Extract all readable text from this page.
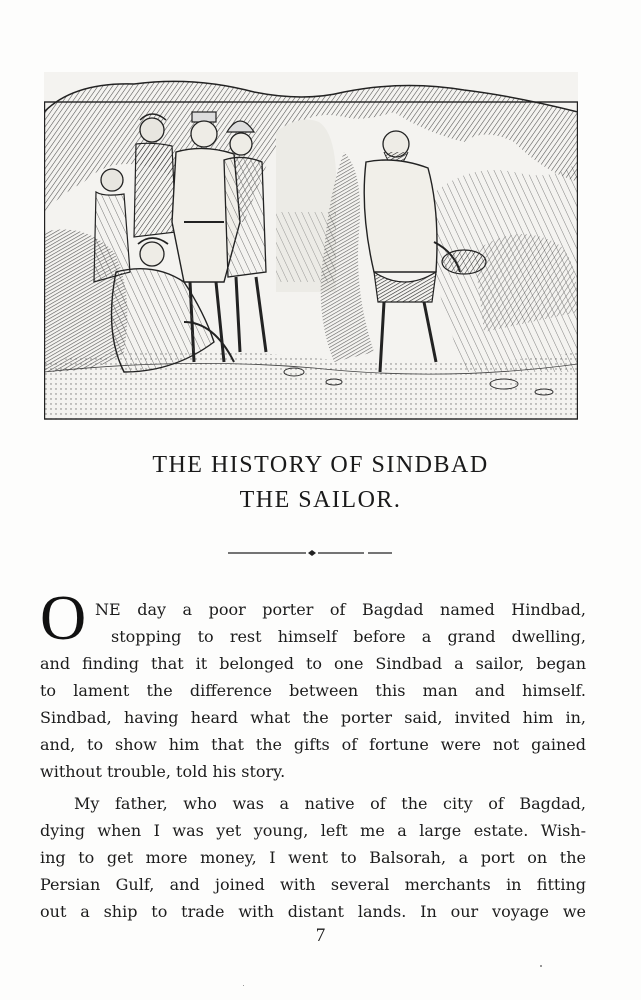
THE HISTORY OF SINDBAD
THE SAILOR.
O NE day a poor porter of Bagdad named Hindbad,
stopping to rest himself before a grand dwelling,
and finding that it belonged to one Sindbad a sailor, began
to lament the difference between this man and himself.
Sindbad, having heard what the porter said, invited him in,
and, to show him that the gifts of fortune were not gained
without trouble, told his story.
My father, who was a native of the city of Bagdad,
dying when I was yet young, left me a large estate. Wish-
ing to get more money, I went to Balsorah, a port on the
Persian Gulf, and joined with several merchants in fitting
out a ship to trade with distant lands. In our voyage we
7
